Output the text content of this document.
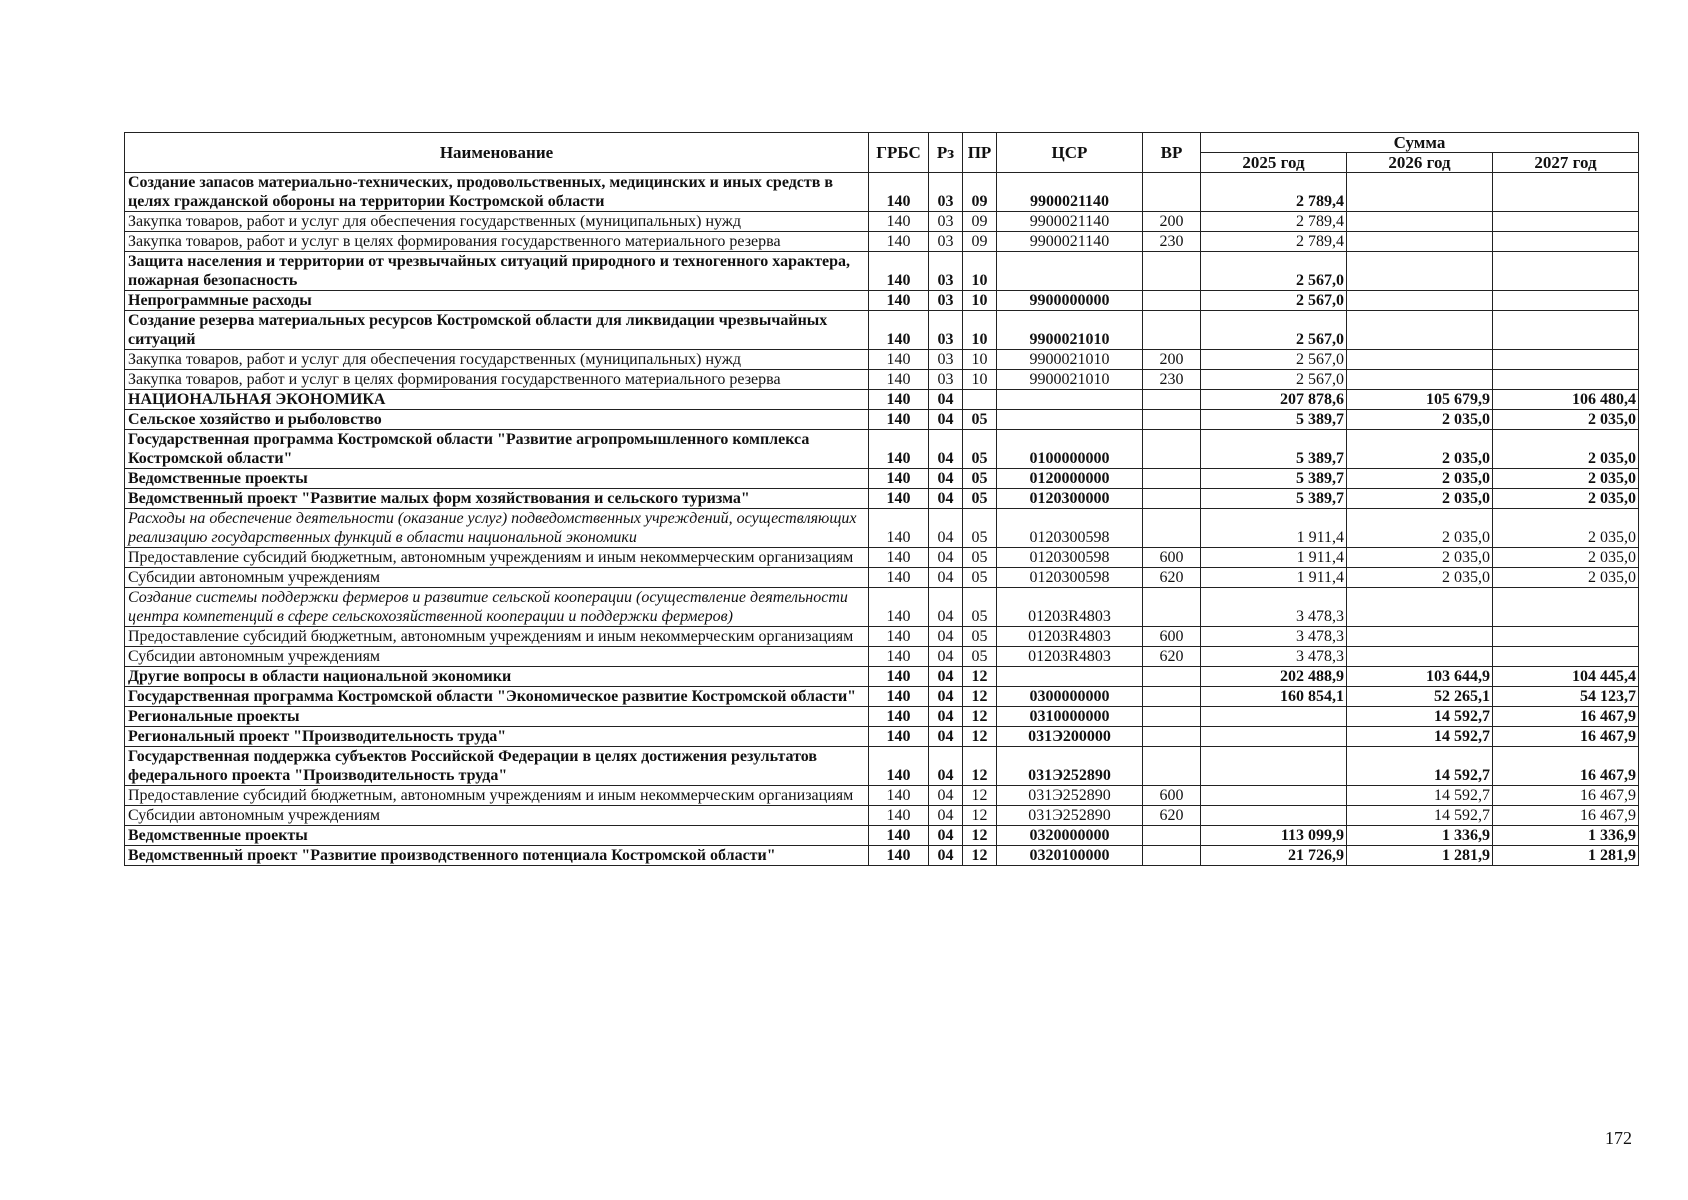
Наименование	ГРБС	Рз	ПР	ЦСР	ВР	Сумма		
						2025 год	2026 год	2027 год
Создание запасов материально-технических, продовольственных, медицинских и иных средств в целях гражданской обороны на территории Костромской области	140	03	09	9900021140		2 789,4		
Закупка товаров, работ и услуг для обеспечения государственных (муниципальных) нужд	140	03	09	9900021140	200	2 789,4		
Закупка товаров, работ и услуг в целях формирования государственного материального резерва	140	03	09	9900021140	230	2 789,4		
Защита населения и территории от чрезвычайных ситуаций природного и техногенного характера, пожарная безопасность	140	03	10			2 567,0		
Непрограммные расходы	140	03	10	9900000000		2 567,0		
Создание резерва материальных ресурсов Костромской области для ликвидации чрезвычайных ситуаций	140	03	10	9900021010		2 567,0		
Закупка товаров, работ и услуг для обеспечения государственных (муниципальных) нужд	140	03	10	9900021010	200	2 567,0		
Закупка товаров, работ и услуг в целях формирования государственного материального резерва	140	03	10	9900021010	230	2 567,0		
НАЦИОНАЛЬНАЯ ЭКОНОМИКА	140	04				207 878,6	105 679,9	106 480,4
Сельское хозяйство и рыболовство	140	04	05			5 389,7	2 035,0	2 035,0
Государственная программа Костромской области "Развитие агропромышленного комплекса Костромской области"	140	04	05	0100000000		5 389,7	2 035,0	2 035,0
Ведомственные проекты	140	04	05	0120000000		5 389,7	2 035,0	2 035,0
Ведомственный проект "Развитие малых форм хозяйствования и сельского туризма"	140	04	05	0120300000		5 389,7	2 035,0	2 035,0
Расходы на обеспечение деятельности (оказание услуг) подведомственных учреждений, осуществляющих реализацию государственных функций в области национальной экономики	140	04	05	0120300598		1 911,4	2 035,0	2 035,0
Предоставление субсидий бюджетным, автономным учреждениям и иным некоммерческим организациям	140	04	05	0120300598	600	1 911,4	2 035,0	2 035,0
Субсидии автономным учреждениям	140	04	05	0120300598	620	1 911,4	2 035,0	2 035,0
Создание системы поддержки фермеров и развитие сельской кооперации (осуществление деятельности центра компетенций в сфере сельскохозяйственной кооперации и поддержки фермеров)	140	04	05	01203R4803		3 478,3		
Предоставление субсидий бюджетным, автономным учреждениям и иным некоммерческим организациям	140	04	05	01203R4803	600	3 478,3		
Субсидии автономным учреждениям	140	04	05	01203R4803	620	3 478,3		
Другие вопросы в области национальной экономики	140	04	12			202 488,9	103 644,9	104 445,4
Государственная программа Костромской области "Экономическое развитие Костромской области"	140	04	12	0300000000		160 854,1	52 265,1	54 123,7
Региональные проекты	140	04	12	0310000000			14 592,7	16 467,9
Региональный проект "Производительность труда"	140	04	12	031Э200000			14 592,7	16 467,9
Государственная поддержка субъектов Российской Федерации в целях достижения результатов федерального проекта "Производительность труда"	140	04	12	031Э252890			14 592,7	16 467,9
Предоставление субсидий бюджетным, автономным учреждениям и иным некоммерческим организациям	140	04	12	031Э252890	600		14 592,7	16 467,9
Субсидии автономным учреждениям	140	04	12	031Э252890	620		14 592,7	16 467,9
Ведомственные проекты	140	04	12	0320000000		113 099,9	1 336,9	1 336,9
Ведомственный проект "Развитие производственного потенциала Костромской области"	140	04	12	0320100000		21 726,9	1 281,9	1 281,9
172
